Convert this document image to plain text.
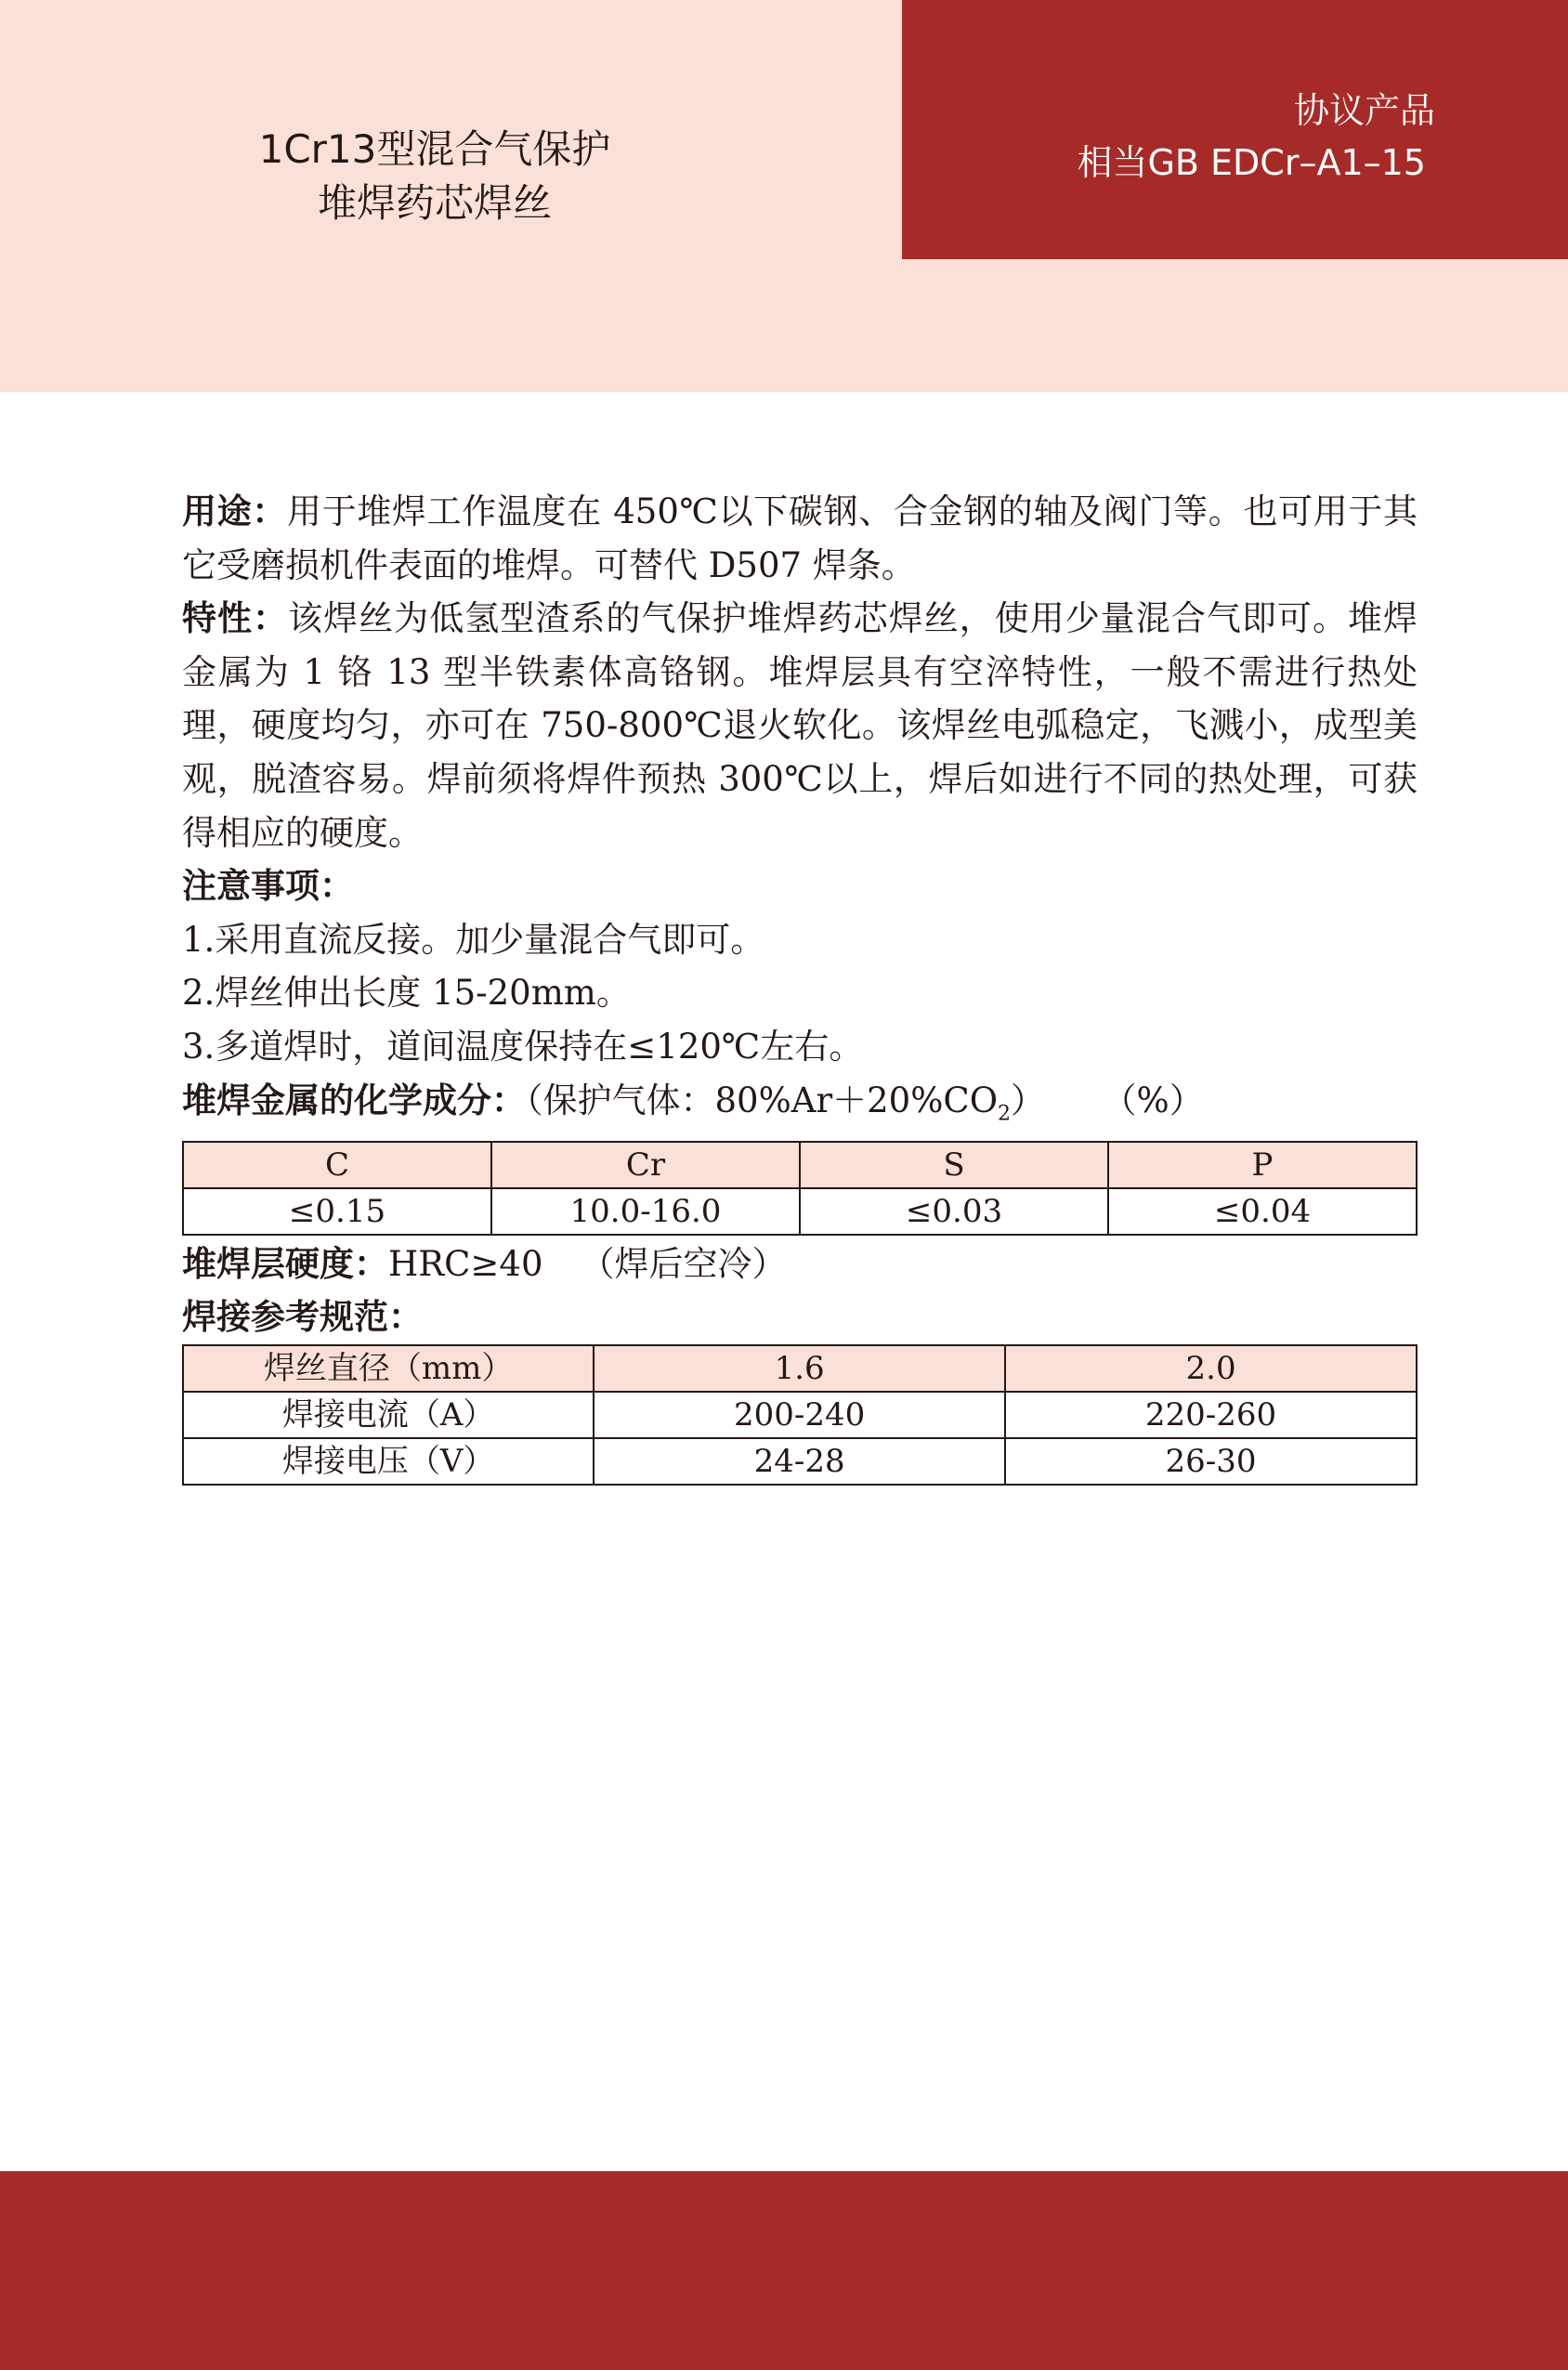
1Cr13型混合气保护
堆焊药芯焊丝
协议产品
相当GB EDCr–A1–15

用途：用于堆焊工作温度在 450℃以下碳钢、合金钢的轴及阀门等。也可用于其它受磨损机件表面的堆焊。可替代 D507 焊条。

特性：该焊丝为低氢型渣系的气保护堆焊药芯焊丝，使用少量混合气即可。堆焊金属为 1 铬 13 型半铁素体高铬钢。堆焊层具有空淬特性，一般不需进行热处理，硬度均匀，亦可在 750-800℃退火软化。该焊丝电弧稳定，飞溅小，成型美观，脱渣容易。焊前须将焊件预热 300℃以上，焊后如进行不同的热处理，可获得相应的硬度。

注意事项：

1.采用直流反接。加少量混合气即可。

2.焊丝伸出长度 15-20mm。

3.多道焊时，道间温度保持在≤120℃左右。

堆焊金属的化学成分：（保护气体：$80\%Ar+20\%CO_2$） （%）

C	Cr	S	P
≤0.15	10.0-16.0	≤0.03	≤0.04

堆焊层硬度：HRC≥40 （焊后空冷）

焊接参考规范：

焊丝直径（mm）	1.6	2.0
焊接电流（A）	200-240	220-260
焊接电压（V）	24-28	26-30
